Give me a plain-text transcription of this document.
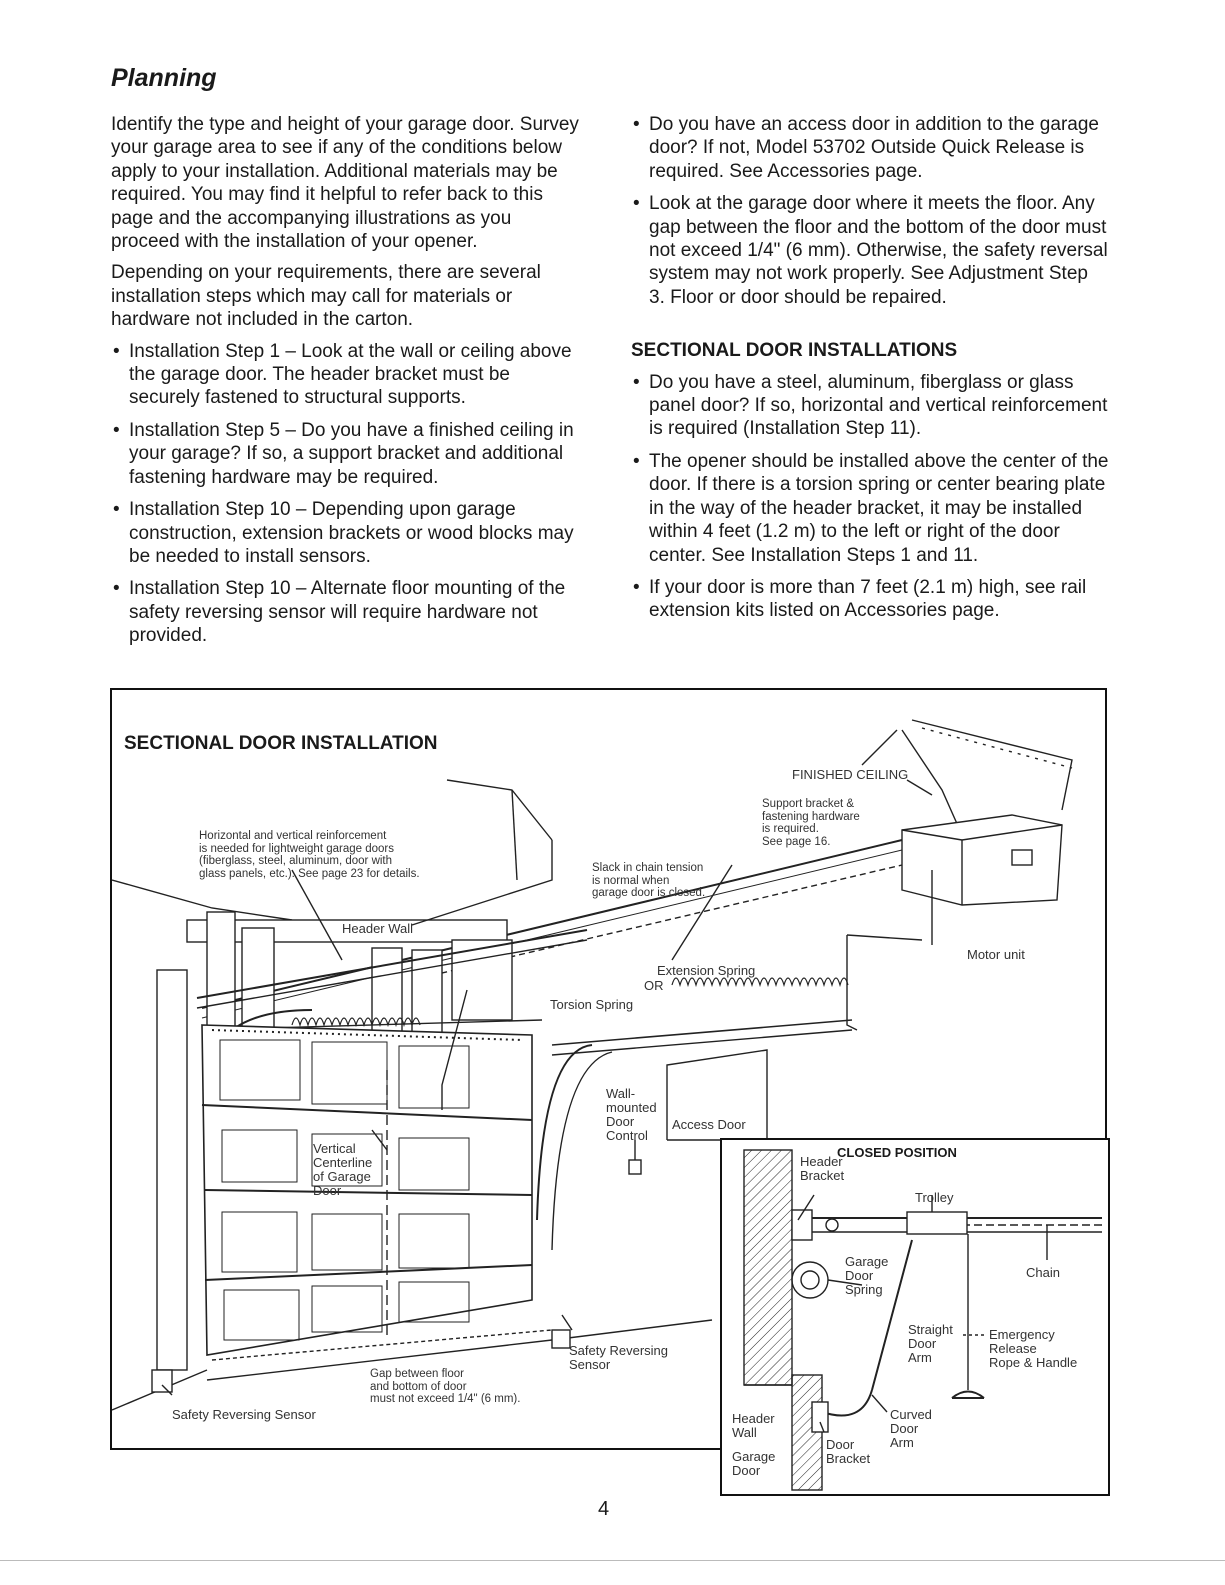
Planning

Identify the type and height of your garage door. Survey your garage area to see if any of the conditions below apply to your installation. Additional materials may be required. You may find it helpful to refer back to this page and the accompanying illustrations as you proceed with the installation of your opener.

Depending on your requirements, there are several installation steps which may call for materials or hardware not included in the carton.

• Installation Step 1 – Look at the wall or ceiling above the garage door. The header bracket must be securely fastened to structural supports.
• Installation Step 5 – Do you have a finished ceiling in your garage? If so, a support bracket and additional fastening hardware may be required.
• Installation Step 10 – Depending upon garage construction, extension brackets or wood blocks may be needed to install sensors.
• Installation Step 10 – Alternate floor mounting of the safety reversing sensor will require hardware not provided.
• Do you have an access door in addition to the garage door? If not, Model 53702 Outside Quick Release is required. See Accessories page.
• Look at the garage door where it meets the floor. Any gap between the floor and the bottom of the door must not exceed 1/4" (6 mm). Otherwise, the safety reversal system may not work properly. See Adjustment Step 3. Floor or door should be repaired.
SECTIONAL DOOR INSTALLATIONS
• Do you have a steel, aluminum, fiberglass or glass panel door? If so, horizontal and vertical reinforcement is required (Installation Step 11).
• The opener should be installed above the center of the door. If there is a torsion spring or center bearing plate in the way of the header bracket, it may be installed within 4 feet (1.2 m) to the left or right of the door center. See Installation Steps 1 and 11.
• If your door is more than 7 feet (2.1 m) high, see rail extension kits listed on Accessories page.
SECTIONAL DOOR INSTALLATION
FINISHED CEILING
Support bracket &
fastening hardware
is required.
See page 16.
Horizontal and vertical reinforcement
is needed for lightweight garage doors
(fiberglass, steel, aluminum, door with
glass panels, etc.). See page 23 for details.	Slack in chain tension
is normal when
garage door is closed.
Header Wall
Motor unit
Extension Spring
OR
Torsion Spring
Wall-
mounted
Door
Control
Access Door
Vertical
Centerline
of Garage
Door
Safety Reversing
Sensor
Gap between floor
and bottom of door
must not exceed 1/4" (6 mm).
Safety Reversing Sensor
CLOSED POSITION
Header
Bracket
Trolley
Garage
Door
Spring
Chain
Straight
Door
Arm
Emergency
Release
Rope & Handle
Header
Wall
Curved
Door
Arm
Door
Bracket
Garage
Door
4
